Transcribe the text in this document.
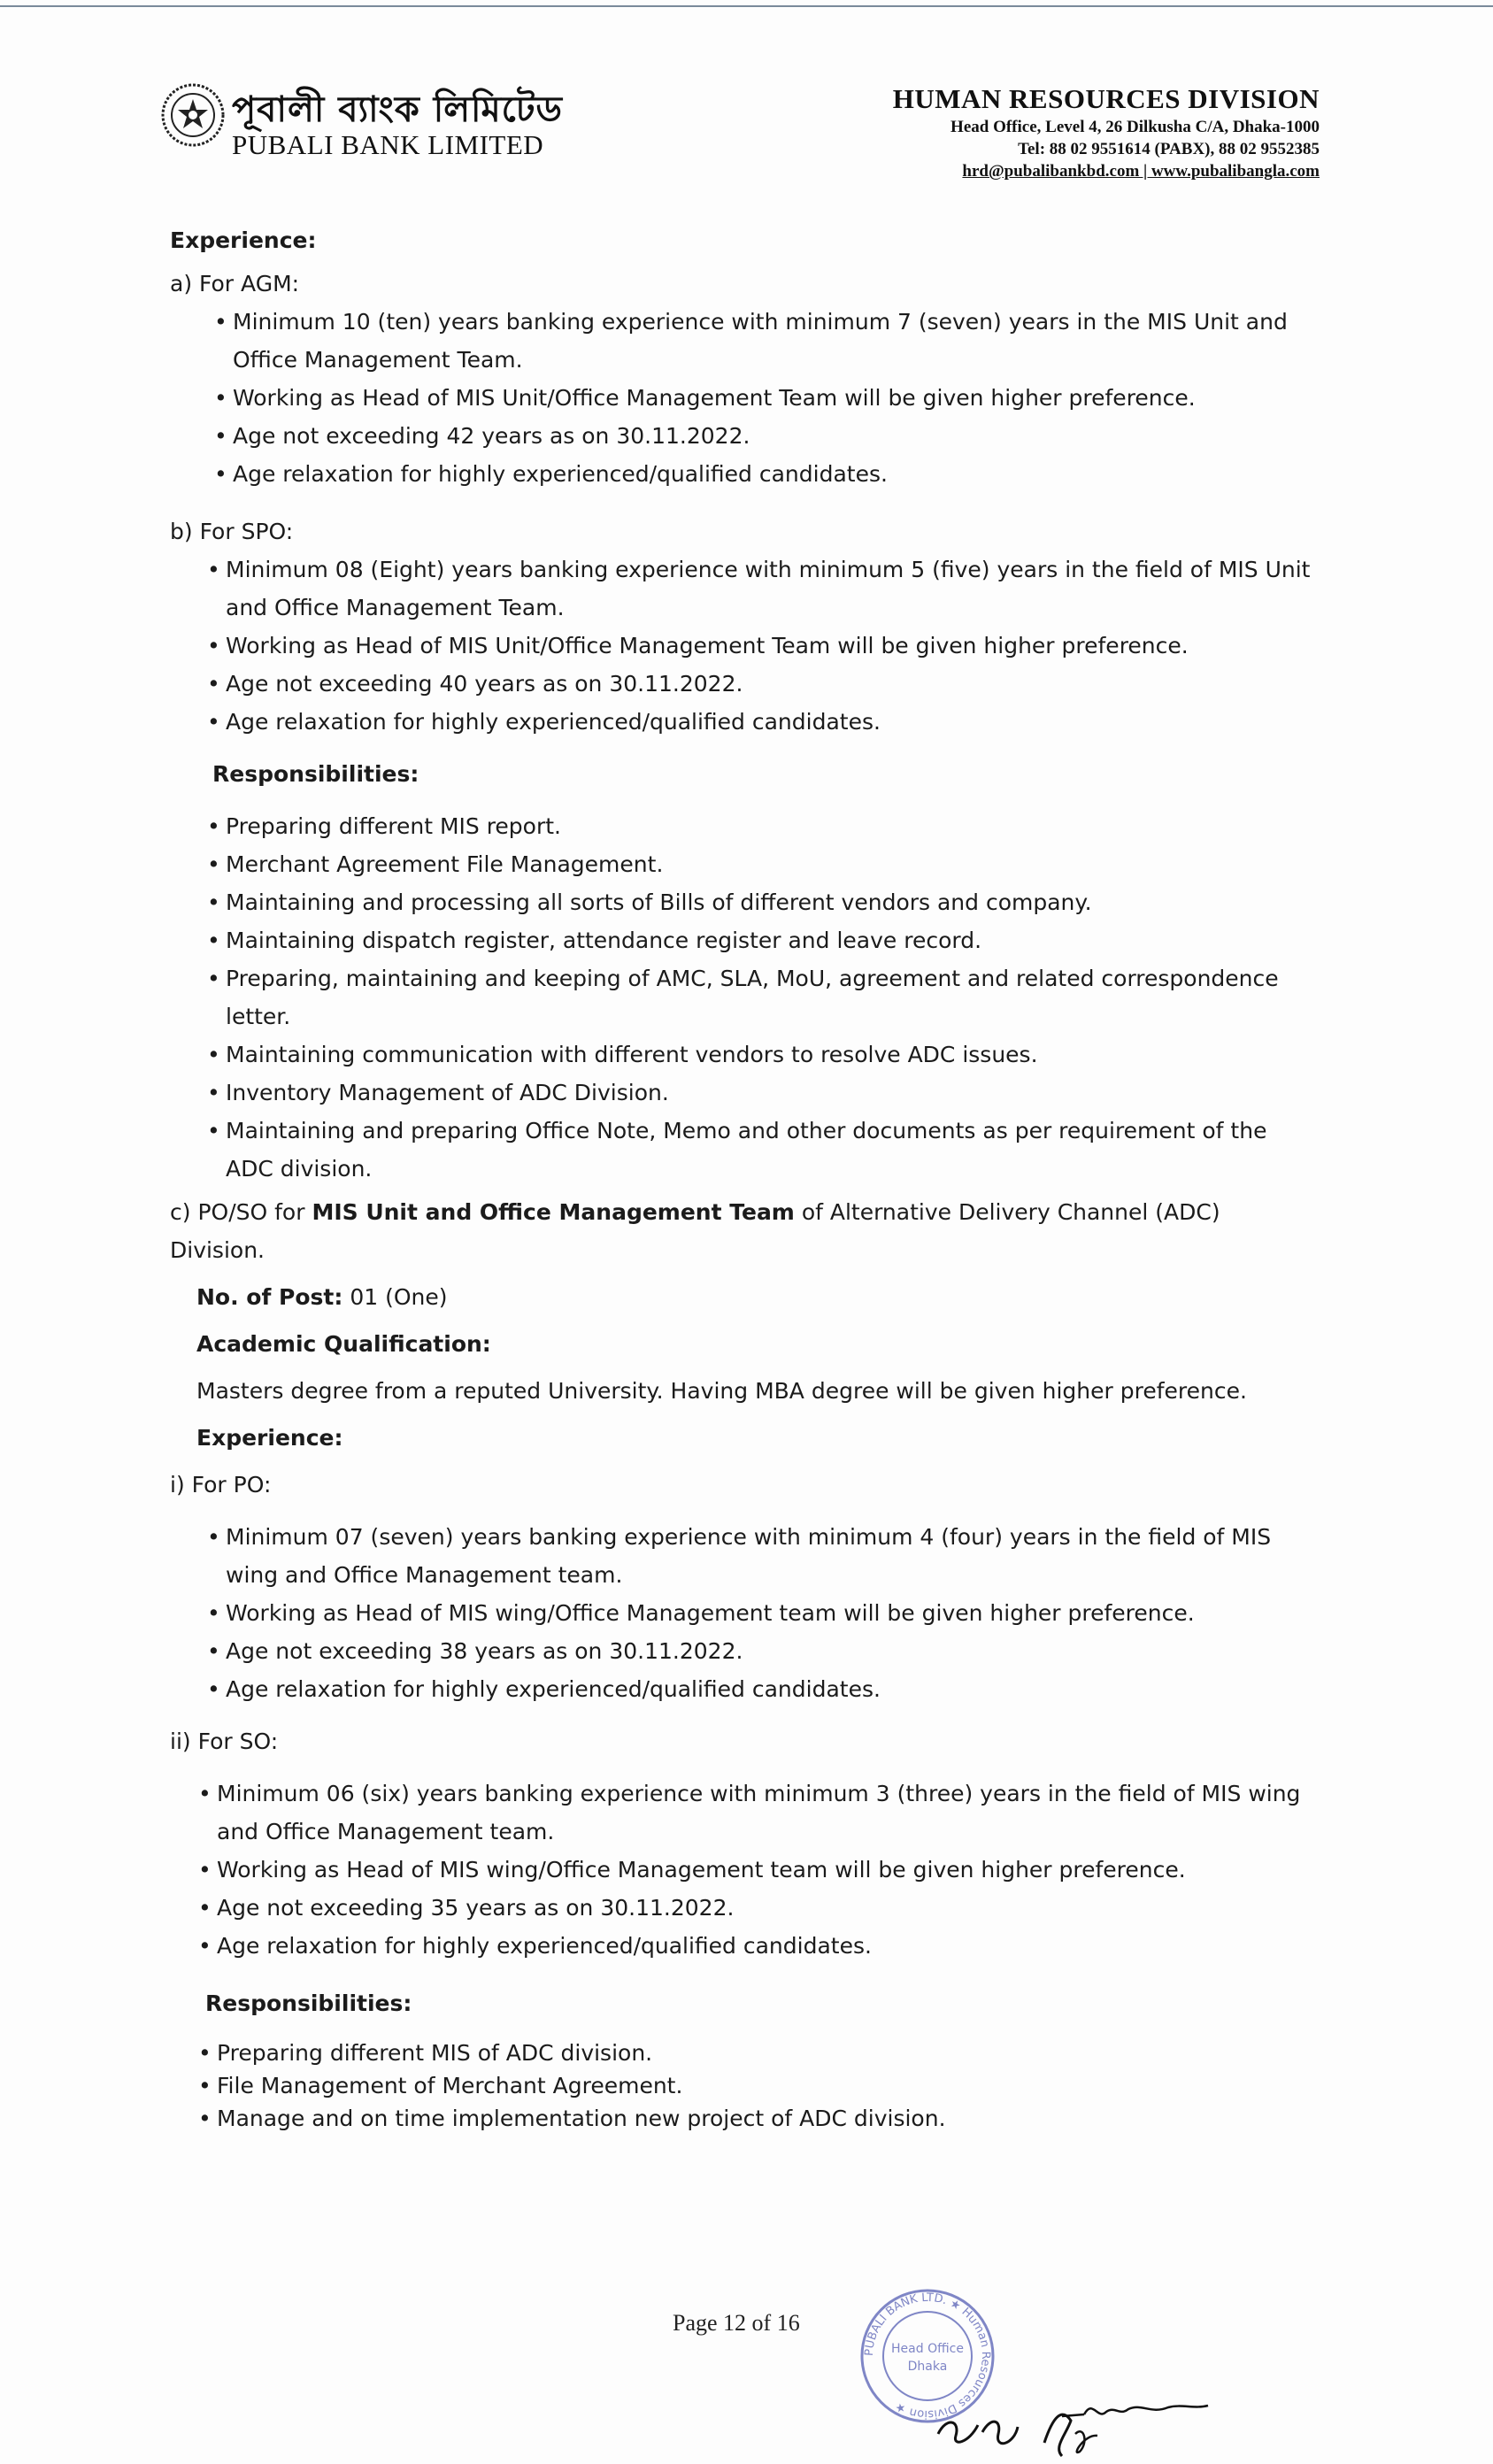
পূবালী ব্যাংক লিমিটেড
PUBALI BANK LIMITED
HUMAN RESOURCES DIVISION
Head Office, Level 4, 26 Dilkusha C/A, Dhaka-1000
Tel: 88 02 9551614 (PABX), 88 02 9552385
hrd@pubalibankbd.com | www.pubalibangla.com
Experience:
a) For AGM:
• Minimum 10 (ten) years banking experience with minimum 7 (seven) years in the MIS Unit and Office Management Team.
• Working as Head of MIS Unit/Office Management Team will be given higher preference.
• Age not exceeding 42 years as on 30.11.2022.
• Age relaxation for highly experienced/qualified candidates.
b) For SPO:
• Minimum 08 (Eight) years banking experience with minimum 5 (five) years in the field of MIS Unit and Office Management Team.
• Working as Head of MIS Unit/Office Management Team will be given higher preference.
• Age not exceeding 40 years as on 30.11.2022.
• Age relaxation for highly experienced/qualified candidates.
Responsibilities:
• Preparing different MIS report.
• Merchant Agreement File Management.
• Maintaining and processing all sorts of Bills of different vendors and company.
• Maintaining dispatch register, attendance register and leave record.
• Preparing, maintaining and keeping of AMC, SLA, MoU, agreement and related correspondence letter.
• Maintaining communication with different vendors to resolve ADC issues.
• Inventory Management of ADC Division.
• Maintaining and preparing Office Note, Memo and other documents as per requirement of the ADC division.
c) PO/SO for MIS Unit and Office Management Team of Alternative Delivery Channel (ADC) Division.
No. of Post: 01 (One)
Academic Qualification:
Masters degree from a reputed University. Having MBA degree will be given higher preference.
Experience:
i) For PO:
• Minimum 07 (seven) years banking experience with minimum 4 (four) years in the field of MIS wing and Office Management team.
• Working as Head of MIS wing/Office Management team will be given higher preference.
• Age not exceeding 38 years as on 30.11.2022.
• Age relaxation for highly experienced/qualified candidates.
ii) For SO:
• Minimum 06 (six) years banking experience with minimum 3 (three) years in the field of MIS wing and Office Management team.
• Working as Head of MIS wing/Office Management team will be given higher preference.
• Age not exceeding 35 years as on 30.11.2022.
• Age relaxation for highly experienced/qualified candidates.
Responsibilities:
• Preparing different MIS of ADC division.
• File Management of Merchant Agreement.
• Manage and on time implementation new project of ADC division.
Page 12 of 16
PUBALI BANK LTD. ★ Human Resources Division ★
Head Office
Dhaka
